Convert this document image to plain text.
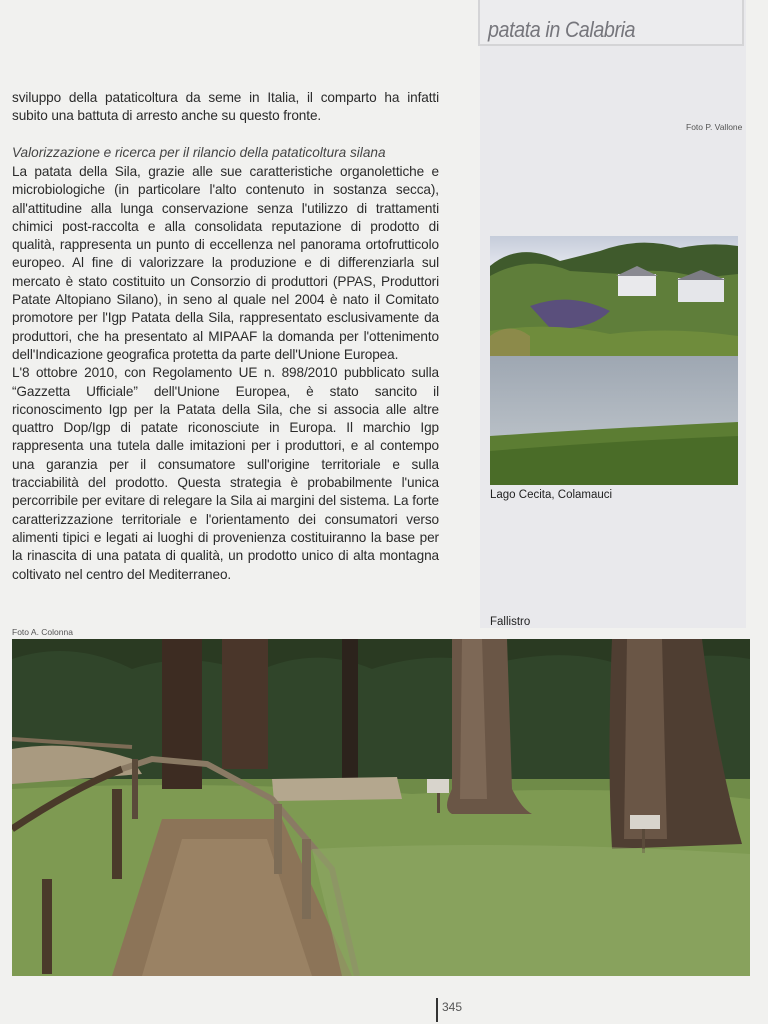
patata in Calabria

sviluppo della pataticoltura da seme in Italia, il comparto ha infatti

subito una battuta di arresto anche su questo fronte.

Valorizzazione e ricerca per il rilancio della pataticoltura silana

La patata della Sila, grazie alle sue caratteristiche organolettiche e microbiologiche (in particolare l'alto contenuto in sostanza secca), all'attitudine alla lunga conservazione senza l'utilizzo di trattamenti chimici post-raccolta e alla consolidata reputazione di prodotto di qualità, rappresenta un punto di eccellenza nel panorama ortofrutticolo europeo. Al fine di valorizzare la produzione e di differenziarla sul mercato è stato costituito un Consorzio di produttori (PPAS, Produttori Patate Altopiano Silano), in seno al quale nel 2004 è nato il Comitato promotore per l'Igp Patata della Sila, rappresentato esclusivamente da produttori, che ha presentato al MIPAAF la domanda per l'ottenimento dell'Indicazione geografica protetta da parte dell'Unione Europea.

L'8 ottobre 2010, con Regolamento UE n. 898/2010 pubblicato sulla “Gazzetta Ufficiale” dell'Unione Europea, è stato sancito il riconoscimento Igp per la Patata della Sila, che si associa alle altre quattro Dop/Igp di patate riconosciute in Europa. Il marchio Igp rappresenta una tutela dalle imitazioni per i produttori, e al contempo una garanzia per il consumatore sull'origine territoriale e sulla tracciabilità del prodotto. Questa strategia è probabilmente l'unica percorribile per evitare di relegare la Sila ai margini del sistema. La forte caratterizzazione territoriale e l'orientamento dei consumatori verso alimenti tipici e legati ai luoghi di provenienza costituiranno la base per la rinascita di una patata di qualità, un prodotto unico di alta montagna coltivato nel centro del Mediterraneo.

Foto P. Vallone
Lago Cecita, Colamauci
Fallistro
Foto A. Colonna
345
